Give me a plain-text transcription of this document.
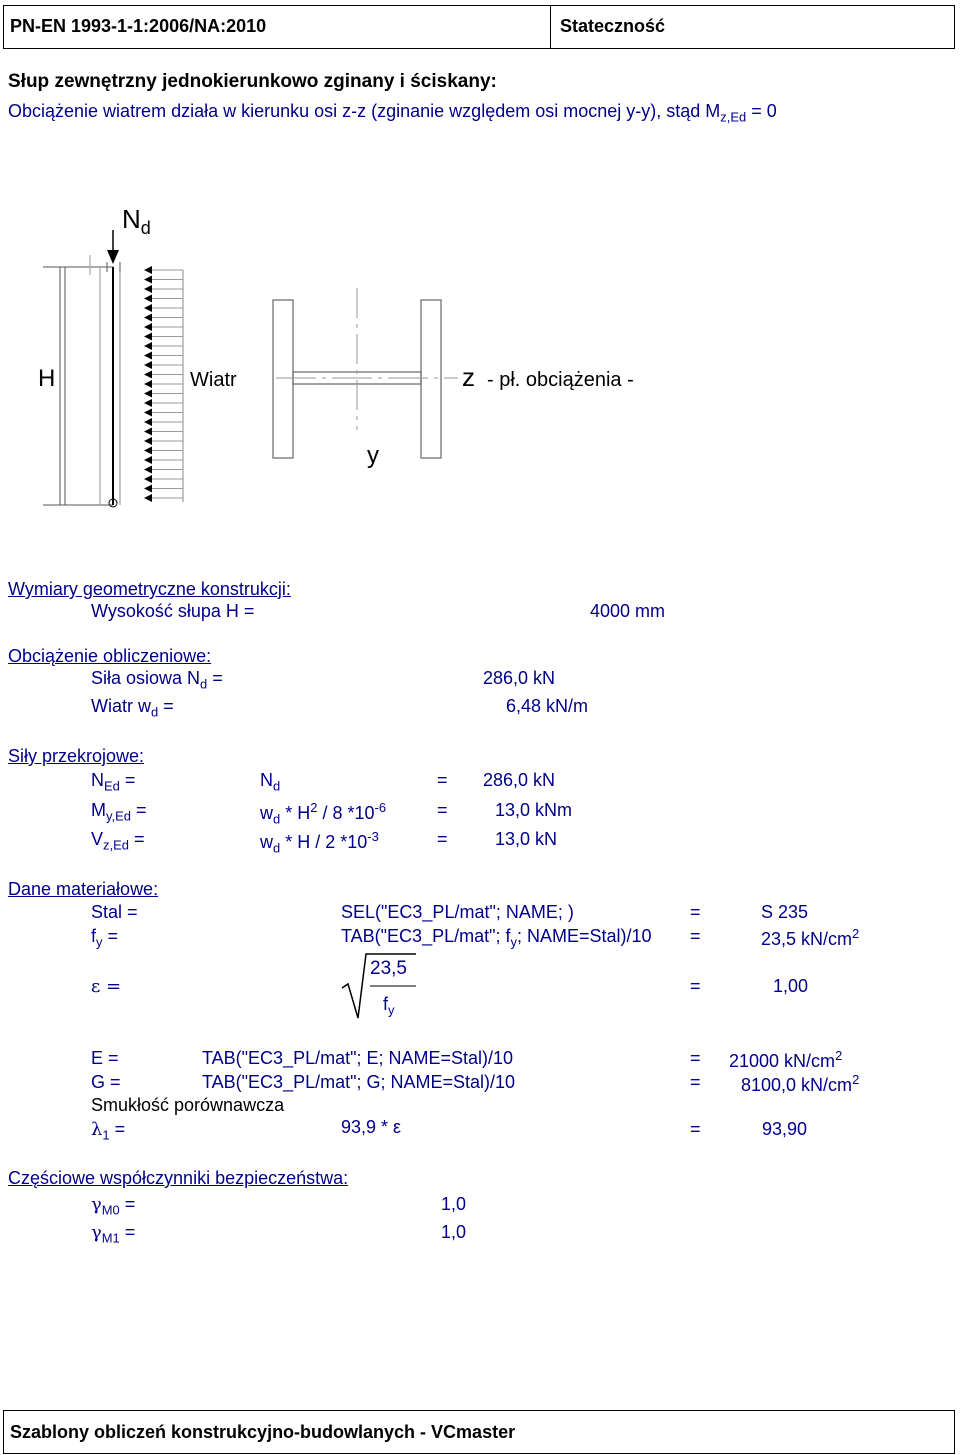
PN-EN 1993-1-1:2006/NA:2010	Stateczność
Słup zewnętrzny jednokierunkowo zginany i ściskany:
Obciążenie wiatrem działa w kierunku osi z-z (zginanie względem osi mocnej y-y), stąd $M_{z,Ed} = 0$
H	Wiatr	z - pł. obciążenia -
y
$N_d$
Wymiary geometryczne konstrukcji:
Wysokość słupa H =	4000 mm
Obciążenie obliczeniowe:
Siła osiowa $N_d$ =	286,0 kN
Wiatr $w_d$ =	6,48 kN/m
Siły przekrojowe:
$N_{Ed}$ =	$N_d$	= 286,0 kN
$M_{y,Ed}$ =	$w_d * H^2 / 8$ $*10^{-6}$	=	13,0 kNm
$V_{z,Ed}$ =	$w_d$ * H / 2 $*10^{-3}$	=	13,0 kN
Dane materiałowe:
Stal =	SEL("EC3_PL/mat"; NAME; )	=	S 235
$f_y$ =	TAB("EC3_PL/mat"; $f_y$; NAME=Stal)/10 =	23,5 $kN/cm^2$
ε =
23,5
$f_y$
=	1,00
E =	TAB("EC3_PL/mat"; E; NAME=Stal)/10	= 21000 $kN/cm^2$
G =	TAB("EC3_PL/mat"; G; NAME=Stal)/10	= 8100,0 $kN/cm^2$
Smukłość porównawcza
$\lambda_1$ =	93,9 * ε	=	93,90
Częściowe współczynniki bezpieczeństwa:
$\gamma_{M0}$ =	1,0
$\gamma_{M1}$ =	1,0
Szablony obliczeń konstrukcyjno-budowlanych - VCmaster
